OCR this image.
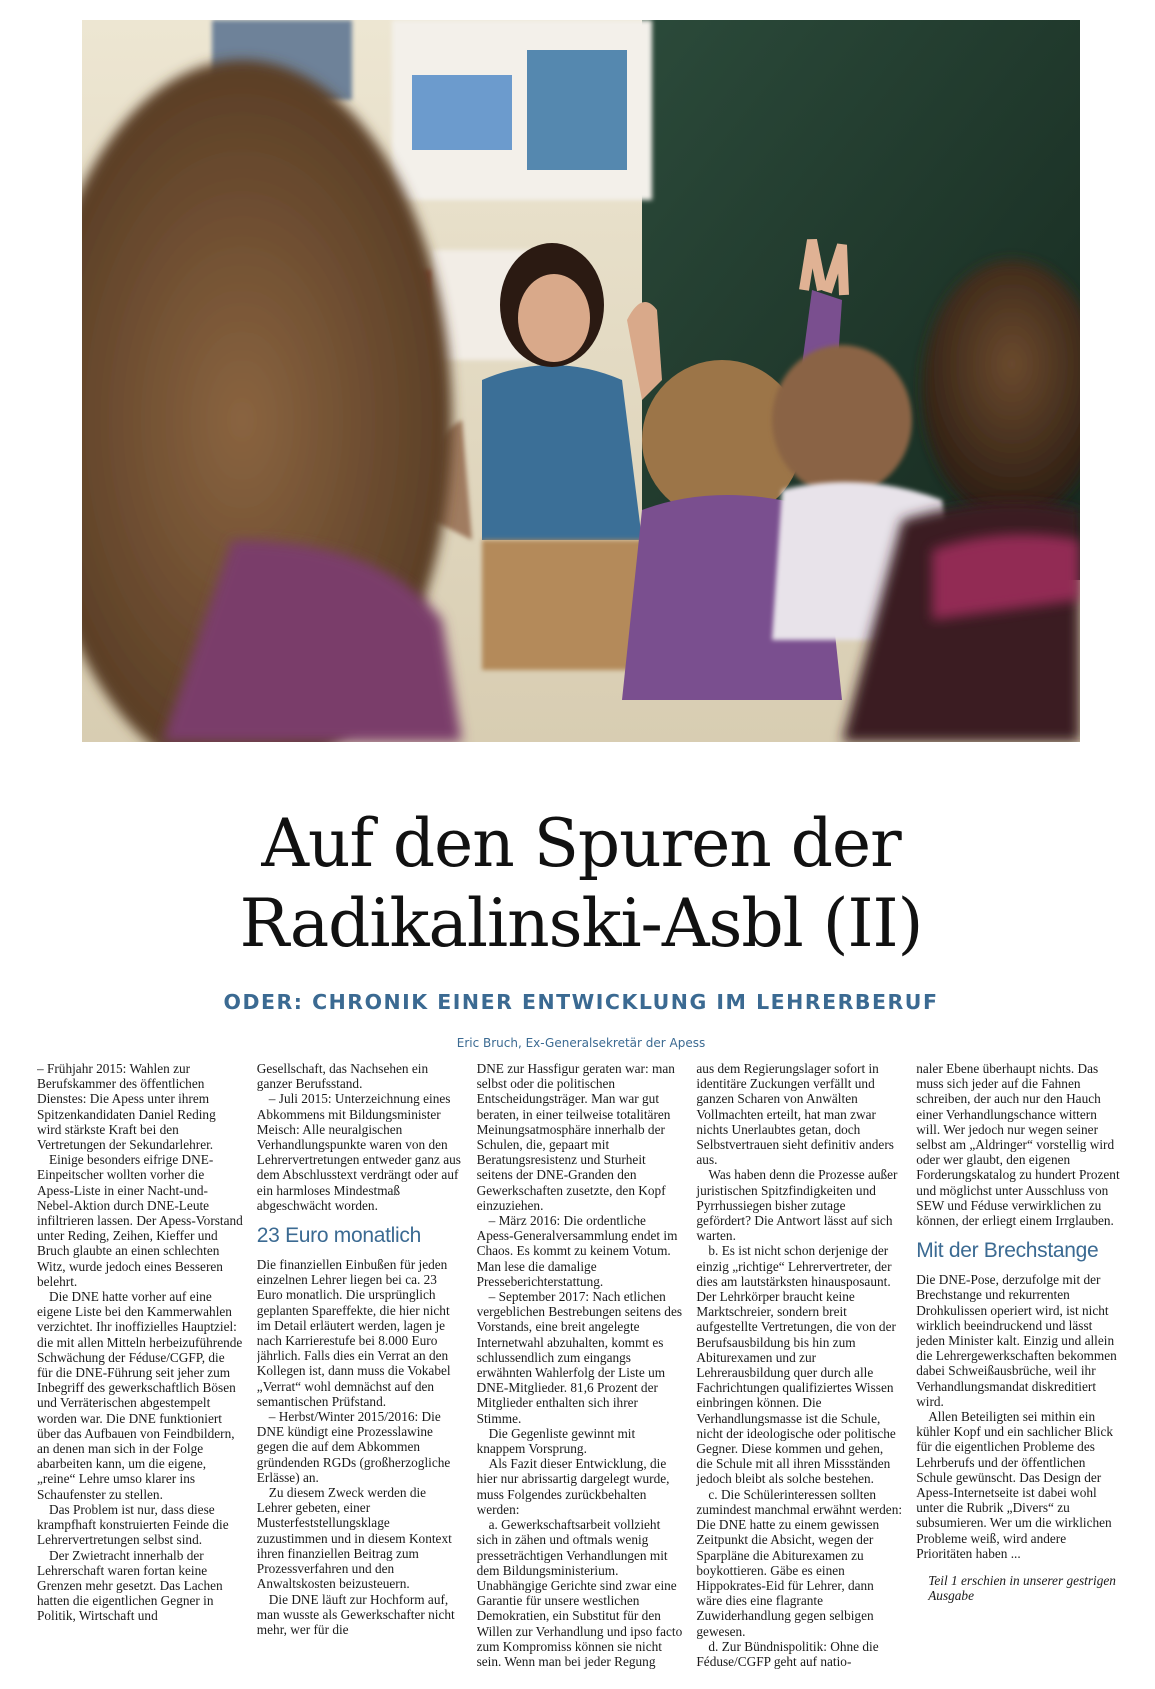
Auf den Spuren der
Radikalinski-Asbl (II)
ODER: CHRONIK EINER ENTWICKLUNG IM LEHRERBERUF
Eric Bruch, Ex-Generalsekretär der Apess

– Frühjahr 2015: Wahlen zur Berufskammer des öffentlichen Dienstes: Die Apess unter ihrem Spitzenkandidaten Daniel Reding wird stärkste Kraft bei den Vertretungen der Sekundarlehrer.

Einige besonders eifrige DNE-Einpeitscher wollten vorher die Apess-Liste in einer Nacht-und-Nebel-Aktion durch DNE-Leute infiltrieren lassen. Der Apess-Vorstand unter Reding, Zeihen, Kieffer und Bruch glaubte an einen schlechten Witz, wurde jedoch eines Besseren belehrt.

Die DNE hatte vorher auf eine eigene Liste bei den Kammerwahlen verzichtet. Ihr inoffizielles Hauptziel: die mit allen Mitteln herbeizuführende Schwächung der Féduse/CGFP, die für die DNE-Führung seit jeher zum Inbegriff des gewerkschaftlich Bösen und Verräterischen abgestempelt worden war. Die DNE funktioniert über das Aufbauen von Feindbildern, an denen man sich in der Folge abarbeiten kann, um die eigene, „reine“ Lehre umso klarer ins Schaufenster zu stellen.

Das Problem ist nur, dass diese krampfhaft konstruierten Feinde die Lehrervertretungen selbst sind.

Der Zwietracht innerhalb der Lehrerschaft waren fortan keine Grenzen mehr gesetzt. Das Lachen hatten die eigentlichen Gegner in Politik, Wirtschaft und

Gesellschaft, das Nachsehen ein ganzer Berufsstand.

– Juli 2015: Unterzeichnung eines Abkommens mit Bildungsminister Meisch: Alle neuralgischen Verhandlungspunkte waren von den Lehrervertretungen entweder ganz aus dem Abschlusstext verdrängt oder auf ein harmloses Mindestmaß abgeschwächt worden.

23 Euro monatlich

Die finanziellen Einbußen für jeden einzelnen Lehrer liegen bei ca. 23 Euro monatlich. Die ursprünglich geplanten Spareffekte, die hier nicht im Detail erläutert werden, lagen je nach Karrierestufe bei 8.000 Euro jährlich. Falls dies ein Verrat an den Kollegen ist, dann muss die Vokabel „Verrat“ wohl demnächst auf den semantischen Prüfstand.

– Herbst/Winter 2015/2016: Die DNE kündigt eine Prozesslawine gegen die auf dem Abkommen gründenden RGDs (großherzogliche Erlässe) an.

Zu diesem Zweck werden die Lehrer gebeten, einer Musterfeststellungsklage zuzustimmen und in diesem Kontext ihren finanziellen Beitrag zum Prozessverfahren und den Anwaltskosten beizusteuern.

Die DNE läuft zur Hochform auf, man wusste als Gewerkschafter nicht mehr, wer für die

DNE zur Hassfigur geraten war: man selbst oder die politischen Entscheidungsträger. Man war gut beraten, in einer teilweise totalitären Meinungsatmosphäre innerhalb der Schulen, die, gepaart mit Beratungsresistenz und Sturheit seitens der DNE-Granden den Gewerkschaften zusetzte, den Kopf einzuziehen.

– März 2016: Die ordentliche Apess-Generalversammlung endet im Chaos. Es kommt zu keinem Votum. Man lese die damalige Presseberichterstattung.

– September 2017: Nach etlichen vergeblichen Bestrebungen seitens des Vorstands, eine breit angelegte Internetwahl abzuhalten, kommt es schlussendlich zum eingangs erwähnten Wahlerfolg der Liste um DNE-Mitglieder. 81,6 Prozent der Mitglieder enthalten sich ihrer Stimme.

Die Gegenliste gewinnt mit knappem Vorsprung.

Als Fazit dieser Entwicklung, die hier nur abrissartig dargelegt wurde, muss Folgendes zurückbehalten werden:

a. Gewerkschaftsarbeit vollzieht sich in zähen und oftmals wenig presseträchtigen Verhandlungen mit dem Bildungsministerium. Unabhängige Gerichte sind zwar eine Garantie für unsere westlichen Demokratien, ein Substitut für den Willen zur Verhandlung und ipso facto zum Kompromiss können sie nicht sein. Wenn man bei jeder Regung

aus dem Regierungslager sofort in identitäre Zuckungen verfällt und ganzen Scharen von Anwälten Vollmachten erteilt, hat man zwar nichts Unerlaubtes getan, doch Selbstvertrauen sieht definitiv anders aus.

Was haben denn die Prozesse außer juristischen Spitzfindigkeiten und Pyrrhussiegen bisher zutage gefördert? Die Antwort lässt auf sich warten.

b. Es ist nicht schon derjenige der einzig „richtige“ Lehrervertreter, der dies am lautstärksten hinausposaunt. Der Lehrkörper braucht keine Marktschreier, sondern breit aufgestellte Vertretungen, die von der Berufsausbildung bis hin zum Abiturexamen und zur Lehrerausbildung quer durch alle Fachrichtungen qualifiziertes Wissen einbringen können. Die Verhandlungsmasse ist die Schule, nicht der ideologische oder politische Gegner. Diese kommen und gehen, die Schule mit all ihren Missständen jedoch bleibt als solche bestehen.

c. Die Schülerinteressen sollten zumindest manchmal erwähnt werden: Die DNE hatte zu einem gewissen Zeitpunkt die Absicht, wegen der Sparpläne die Abiturexamen zu boykottieren. Gäbe es einen Hippokrates-Eid für Lehrer, dann wäre dies eine flagrante Zuwiderhandlung gegen selbigen gewesen.

d. Zur Bündnispolitik: Ohne die Féduse/CGFP geht auf natio-

naler Ebene überhaupt nichts. Das muss sich jeder auf die Fahnen schreiben, der auch nur den Hauch einer Verhandlungschance wittern will. Wer jedoch nur wegen seiner selbst am „Aldringer“ vorstellig wird oder wer glaubt, den eigenen Forderungskatalog zu hundert Prozent und möglichst unter Ausschluss von SEW und Féduse verwirklichen zu können, der erliegt einem Irrglauben.

Mit der Brechstange

Die DNE-Pose, derzufolge mit der Brechstange und rekurrenten Drohkulissen operiert wird, ist nicht wirklich beeindruckend und lässt jeden Minister kalt. Einzig und allein die Lehrergewerkschaften bekommen dabei Schweißausbrüche, weil ihr Verhandlungsmandat diskreditiert wird.

Allen Beteiligten sei mithin ein kühler Kopf und ein sachlicher Blick für die eigentlichen Probleme des Lehrberufs und der öffentlichen Schule gewünscht. Das Design der Apess-Internetseite ist dabei wohl unter die Rubrik „Divers“ zu subsumieren. Wer um die wirklichen Probleme weiß, wird andere Prioritäten haben ...

Teil 1 erschien in unserer gestrigen Ausgabe
